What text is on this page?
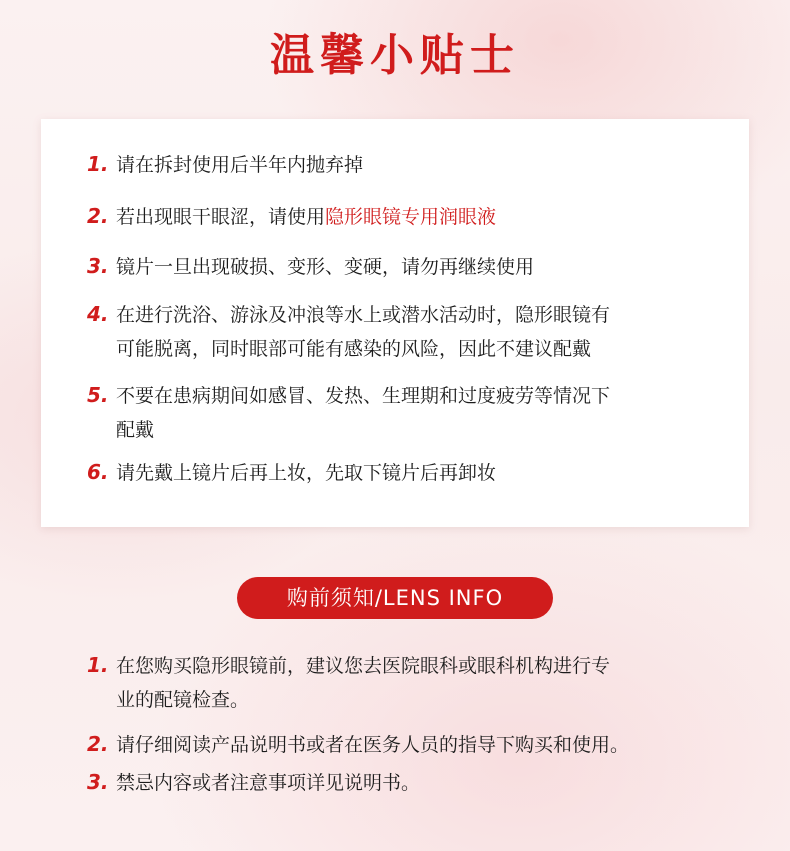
温馨小贴士
1. 请在拆封使用后半年内抛弃掉
2. 若出现眼干眼涩，请使用隐形眼镜专用润眼液
3. 镜片一旦出现破损、变形、变硬，请勿再继续使用
4. 在进行洗浴、游泳及冲浪等水上或潜水活动时，隐形眼镜有
可能脱离，同时眼部可能有感染的风险，因此不建议配戴
5. 不要在患病期间如感冒、发热、生理期和过度疲劳等情况下
配戴
6. 请先戴上镜片后再上妆，先取下镜片后再卸妆
购前须知/LENS INFO
1. 在您购买隐形眼镜前，建议您去医院眼科或眼科机构进行专
业的配镜检查。
2. 请仔细阅读产品说明书或者在医务人员的指导下购买和使用。
3. 禁忌内容或者注意事项详见说明书。
